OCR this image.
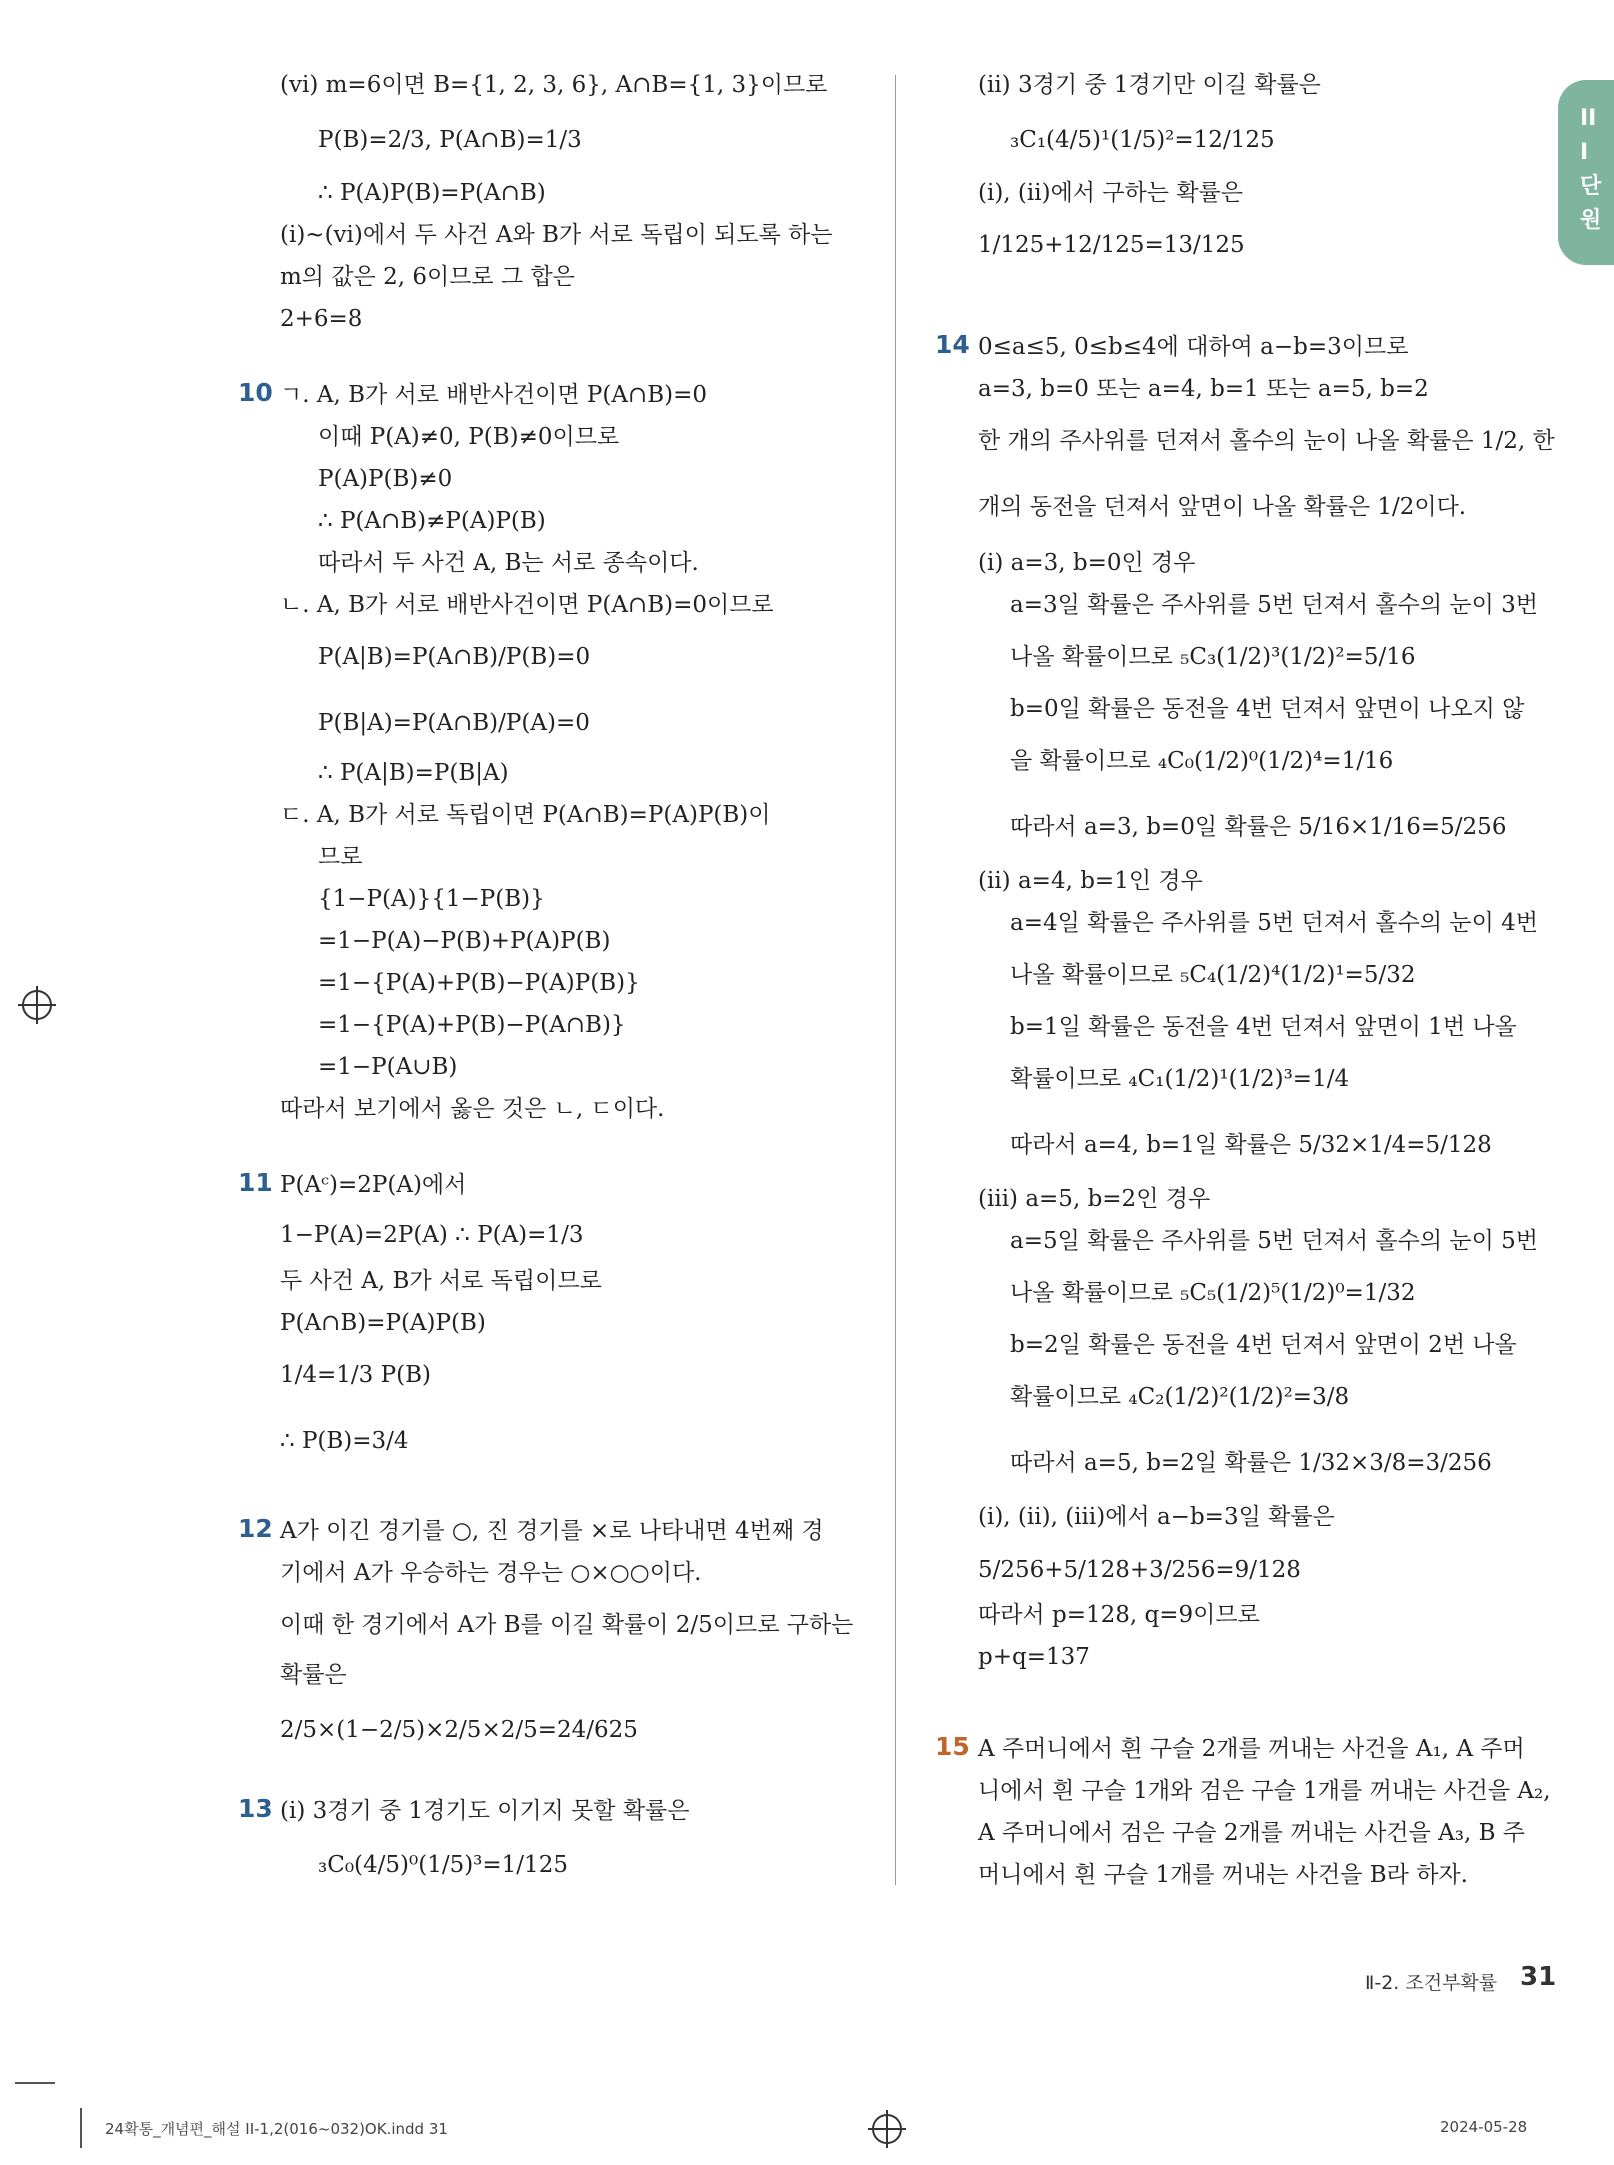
III단원
(ⅵ) m=6이면 B={1, 2, 3, 6}, A∩B={1, 3}이므로
P(B)=2/3, P(A∩B)=1/3
∴ P(A)P(B)=P(A∩B)
(ⅰ)~(ⅵ)에서 두 사건 A와 B가 서로 독립이 되도록 하는
m의 값은 2, 6이므로 그 합은
2+6=8
ㄱ. A, B가 서로 배반사건이면 P(A∩B)=0
이때 P(A)≠0, P(B)≠0이므로
P(A)P(B)≠0
∴ P(A∩B)≠P(A)P(B)
따라서 두 사건 A, B는 서로 종속이다.
ㄴ. A, B가 서로 배반사건이면 P(A∩B)=0이므로
P(A|B)=P(A∩B)/P(B)=0
P(B|A)=P(A∩B)/P(A)=0
∴ P(A|B)=P(B|A)
ㄷ. A, B가 서로 독립이면 P(A∩B)=P(A)P(B)이
므로
{1−P(A)}{1−P(B)}
=1−P(A)−P(B)+P(A)P(B)
=1−{P(A)+P(B)−P(A)P(B)}
=1−{P(A)+P(B)−P(A∩B)}
=1−P(A∪B)
따라서 보기에서 옳은 것은 ㄴ, ㄷ이다.
P(Aᶜ)=2P(A)에서
1−P(A)=2P(A) ∴ P(A)=1/3
두 사건 A, B가 서로 독립이므로
P(A∩B)=P(A)P(B)
1/4=1/3 P(B)
∴ P(B)=3/4
A가 이긴 경기를 ○, 진 경기를 ×로 나타내면 4번째 경
기에서 A가 우승하는 경우는 ○×○○이다.
이때 한 경기에서 A가 B를 이길 확률이 2/5이므로 구하는
확률은
2/5×(1−2/5)×2/5×2/5=24/625
(ⅰ) 3경기 중 1경기도 이기지 못할 확률은
₃C₀(4/5)⁰(1/5)³=1/125
(ⅱ) 3경기 중 1경기만 이길 확률은
₃C₁(4/5)¹(1/5)²=12/125
(ⅰ), (ⅱ)에서 구하는 확률은
1/125+12/125=13/125
0≤a≤5, 0≤b≤4에 대하여 a−b=3이므로
a=3, b=0 또는 a=4, b=1 또는 a=5, b=2
한 개의 주사위를 던져서 홀수의 눈이 나올 확률은 1/2, 한
개의 동전을 던져서 앞면이 나올 확률은 1/2이다.
(ⅰ) a=3, b=0인 경우
a=3일 확률은 주사위를 5번 던져서 홀수의 눈이 3번
나올 확률이므로 ₅C₃(1/2)³(1/2)²=5/16
b=0일 확률은 동전을 4번 던져서 앞면이 나오지 않
을 확률이므로 ₄C₀(1/2)⁰(1/2)⁴=1/16
따라서 a=3, b=0일 확률은 5/16×1/16=5/256
(ⅱ) a=4, b=1인 경우
a=4일 확률은 주사위를 5번 던져서 홀수의 눈이 4번
나올 확률이므로 ₅C₄(1/2)⁴(1/2)¹=5/32
b=1일 확률은 동전을 4번 던져서 앞면이 1번 나올
확률이므로 ₄C₁(1/2)¹(1/2)³=1/4
따라서 a=4, b=1일 확률은 5/32×1/4=5/128
(ⅲ) a=5, b=2인 경우
a=5일 확률은 주사위를 5번 던져서 홀수의 눈이 5번
나올 확률이므로 ₅C₅(1/2)⁵(1/2)⁰=1/32
b=2일 확률은 동전을 4번 던져서 앞면이 2번 나올
확률이므로 ₄C₂(1/2)²(1/2)²=3/8
따라서 a=5, b=2일 확률은 1/32×3/8=3/256
(ⅰ), (ⅱ), (ⅲ)에서 a−b=3일 확률은
5/256+5/128+3/256=9/128
따라서 p=128, q=9이므로
p+q=137
A 주머니에서 흰 구슬 2개를 꺼내는 사건을 A₁, A 주머
니에서 흰 구슬 1개와 검은 구슬 1개를 꺼내는 사건을 A₂,
A 주머니에서 검은 구슬 2개를 꺼내는 사건을 A₃, B 주
머니에서 흰 구슬 1개를 꺼내는 사건을 B라 하자.
10
11
12
13
14
15
Ⅱ-2. 조건부확률 31
24확통_개념편_해설 II-1,2(016~032)OK.indd 31	2024-05-28
